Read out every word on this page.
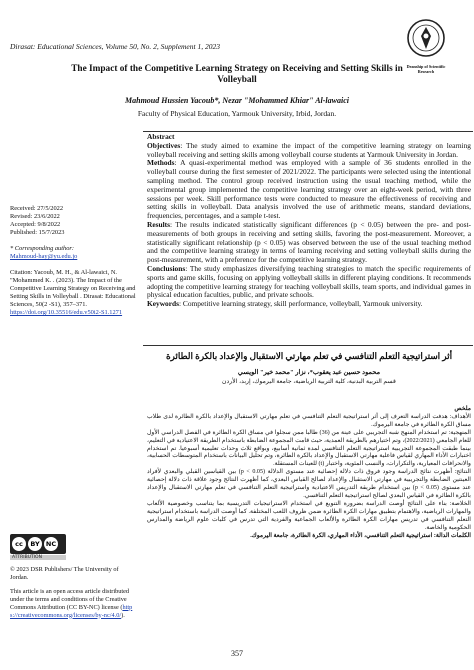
Dirasat: Educational Sciences, Volume 50, No. 2, Supplement 1, 2023
Deanship of Scientific Research
The Impact of the Competitive Learning Strategy on Receiving and Setting Skills in Volleyball
Mahmoud Hussien Yacoub*, Nezar "Mohammed Khiar" Al-lawaici
Faculty of Physical Education, Yarmouk University, Irbid, Jordan.

Received: 27/5/2022

Revised: 23/6/2022

Accepted: 9/8/2022

Published: 15/7/2023

* Corresponding author:

Mahmoud-hay@yu.edu.jo

Citation: Yacoub, M. H., & Al-lawaici, N. "Mohammed K. . (2023). The Impact of the Competitive Learning Strategy on Receiving and Setting Skills in Volleyball . Dirasat: Educational Sciences, 50(2 -S1), 357–371.

https://doi.org/10.35516/edu.v50i2-S1.1271

Abstract

Objectives: The study aimed to examine the impact of the competitive learning strategy on learning volleyball receiving and setting skills among volleyball course students at Yarmouk University in Jordan.

Methods: A quasi-experimental method was employed with a sample of 36 students enrolled in the volleyball course during the first semester of 2021/2022. The participants were selected using the intentional sampling method. The control group received instruction using the usual teaching method, while the experimental group implemented the competitive learning strategy over an eight-week period, with three sessions per week. Skill performance tests were conducted to measure the effectiveness of receiving and setting skills in volleyball. Data analysis involved the use of arithmetic means, standard deviations, frequencies, percentages, and a sample t-test.

Results: The results indicated statistically significant differences (p < 0.05) between the pre- and post-measurements of both groups in receiving and setting skills, favoring the post-measurement. Moreover, a statistically significant relationship (p < 0.05) was observed between the use of the usual teaching method and the competitive learning strategy in terms of learning receiving and setting volleyball skills during the post-measurement, with a preference for the competitive learning strategy.

Conclusions: The study emphasizes diversifying teaching strategies to match the specific requirements of sports and game skills, focusing on applying volleyball skills in different playing conditions. It recommends adopting the competitive learning strategy for teaching volleyball skills, team sports, and individual games in physical education faculties, public, and private schools.

Keywords: Competitive learning strategy, skill performance, volleyball, Yarmouk university.

أثر استراتيجية التعلم التنافسي في تعلم مهارتي الاستقبال والإعداد بالكرة الطائرة
محمود حسين عبد يعقوب*، نزار "محمد خير" الويسي
قسم التربية البدنية، كلية التربية الرياضية، جامعة اليرموك، إربد، الأردن

ملخص

الأهداف: هدفت الدراسة التعرف إلى أثر استراتيجية التعلم التنافسي في تعلم مهارتي الاستقبال والإعداد بالكرة الطائرة لدى طلاب مساق الكرة الطائرة في جامعة اليرموك.

المنهجية: تم استخدام المنهج شبه التجريبي على عينة من (36) طالبا ممن سجلوا في مساق الكرة الطائرة في الفصل الدراسي الأول للعام الجامعي (2022/2021)، وتم اختيارهم بالطريقة العمدية، حيث قامت المجموعة الضابطة باستخدام الطريقة الاعتيادية في التعليم، بينما طبقت المجموعة التجريبية استراتيجية التعلم التنافسي لمدة ثمانية أسابيع، وبواقع ثلاث وحدات تعليمية أسبوعيا. تم استخدام اختبارات الأداء المهاري لقياس فاعلية مهارتي الاستقبال والإعداد بالكرة الطائرة، وتم تحليل البيانات باستخدام المتوسطات الحسابية، والانحرافات المعيارية، والتكرارات، والنسب المئوية، واختبار (t) للعينات المستقلة.

النتائج: أظهرت نتائج الدراسة وجود فروق ذات دلالة إحصائية عند مستوى الدلالة (p < 0.05) بين القياسين القبلي والبعدي لأفراد العينتين الضابطة والتجريبية في مهارتي الاستقبال والإعداد لصالح القياس البعدي، كما أظهرت النتائج وجود علاقة ذات دلالة إحصائية عند مستوى (p < 0.05) بين استخدام طريقة التدريس الاعتيادية واستراتيجية التعلم التنافسي في تعلم مهارتي الاستقبال والإعداد بالكرة الطائرة في القياس البعدي لصالح استراتيجية التعلم التنافسي.

الخلاصة: بناء على النتائج أوصت الدراسة بضرورة التنويع في استخدام الاستراتيجيات التدريسية بما يتناسب وخصوصية الألعاب والمهارات الرياضية، والاهتمام بتطبيق مهارات الكرة الطائرة ضمن ظروف اللعب المختلفة. كما أوصت الدراسة باستخدام استراتيجية التعلم التنافسي في تدريس مهارات الكرة الطائرة والألعاب الجماعية والفردية التي تدرس في كليات علوم الرياضة والمدارس الحكومية والخاصة.

الكلمات الدالة: استراتيجية التعلم التنافسي، الأداء المهاري، الكرة الطائرة، جامعة اليرموك.

cc	BY NC
ATTRIBUTION

© 2023 DSR Publishers/ The University of Jordan.

This article is an open access article distributed under the terms and conditions of the Creative Commons Attribution (CC BY-NC) license (https://creativecommons.org/licenses/by-nc/4.0/).

357
